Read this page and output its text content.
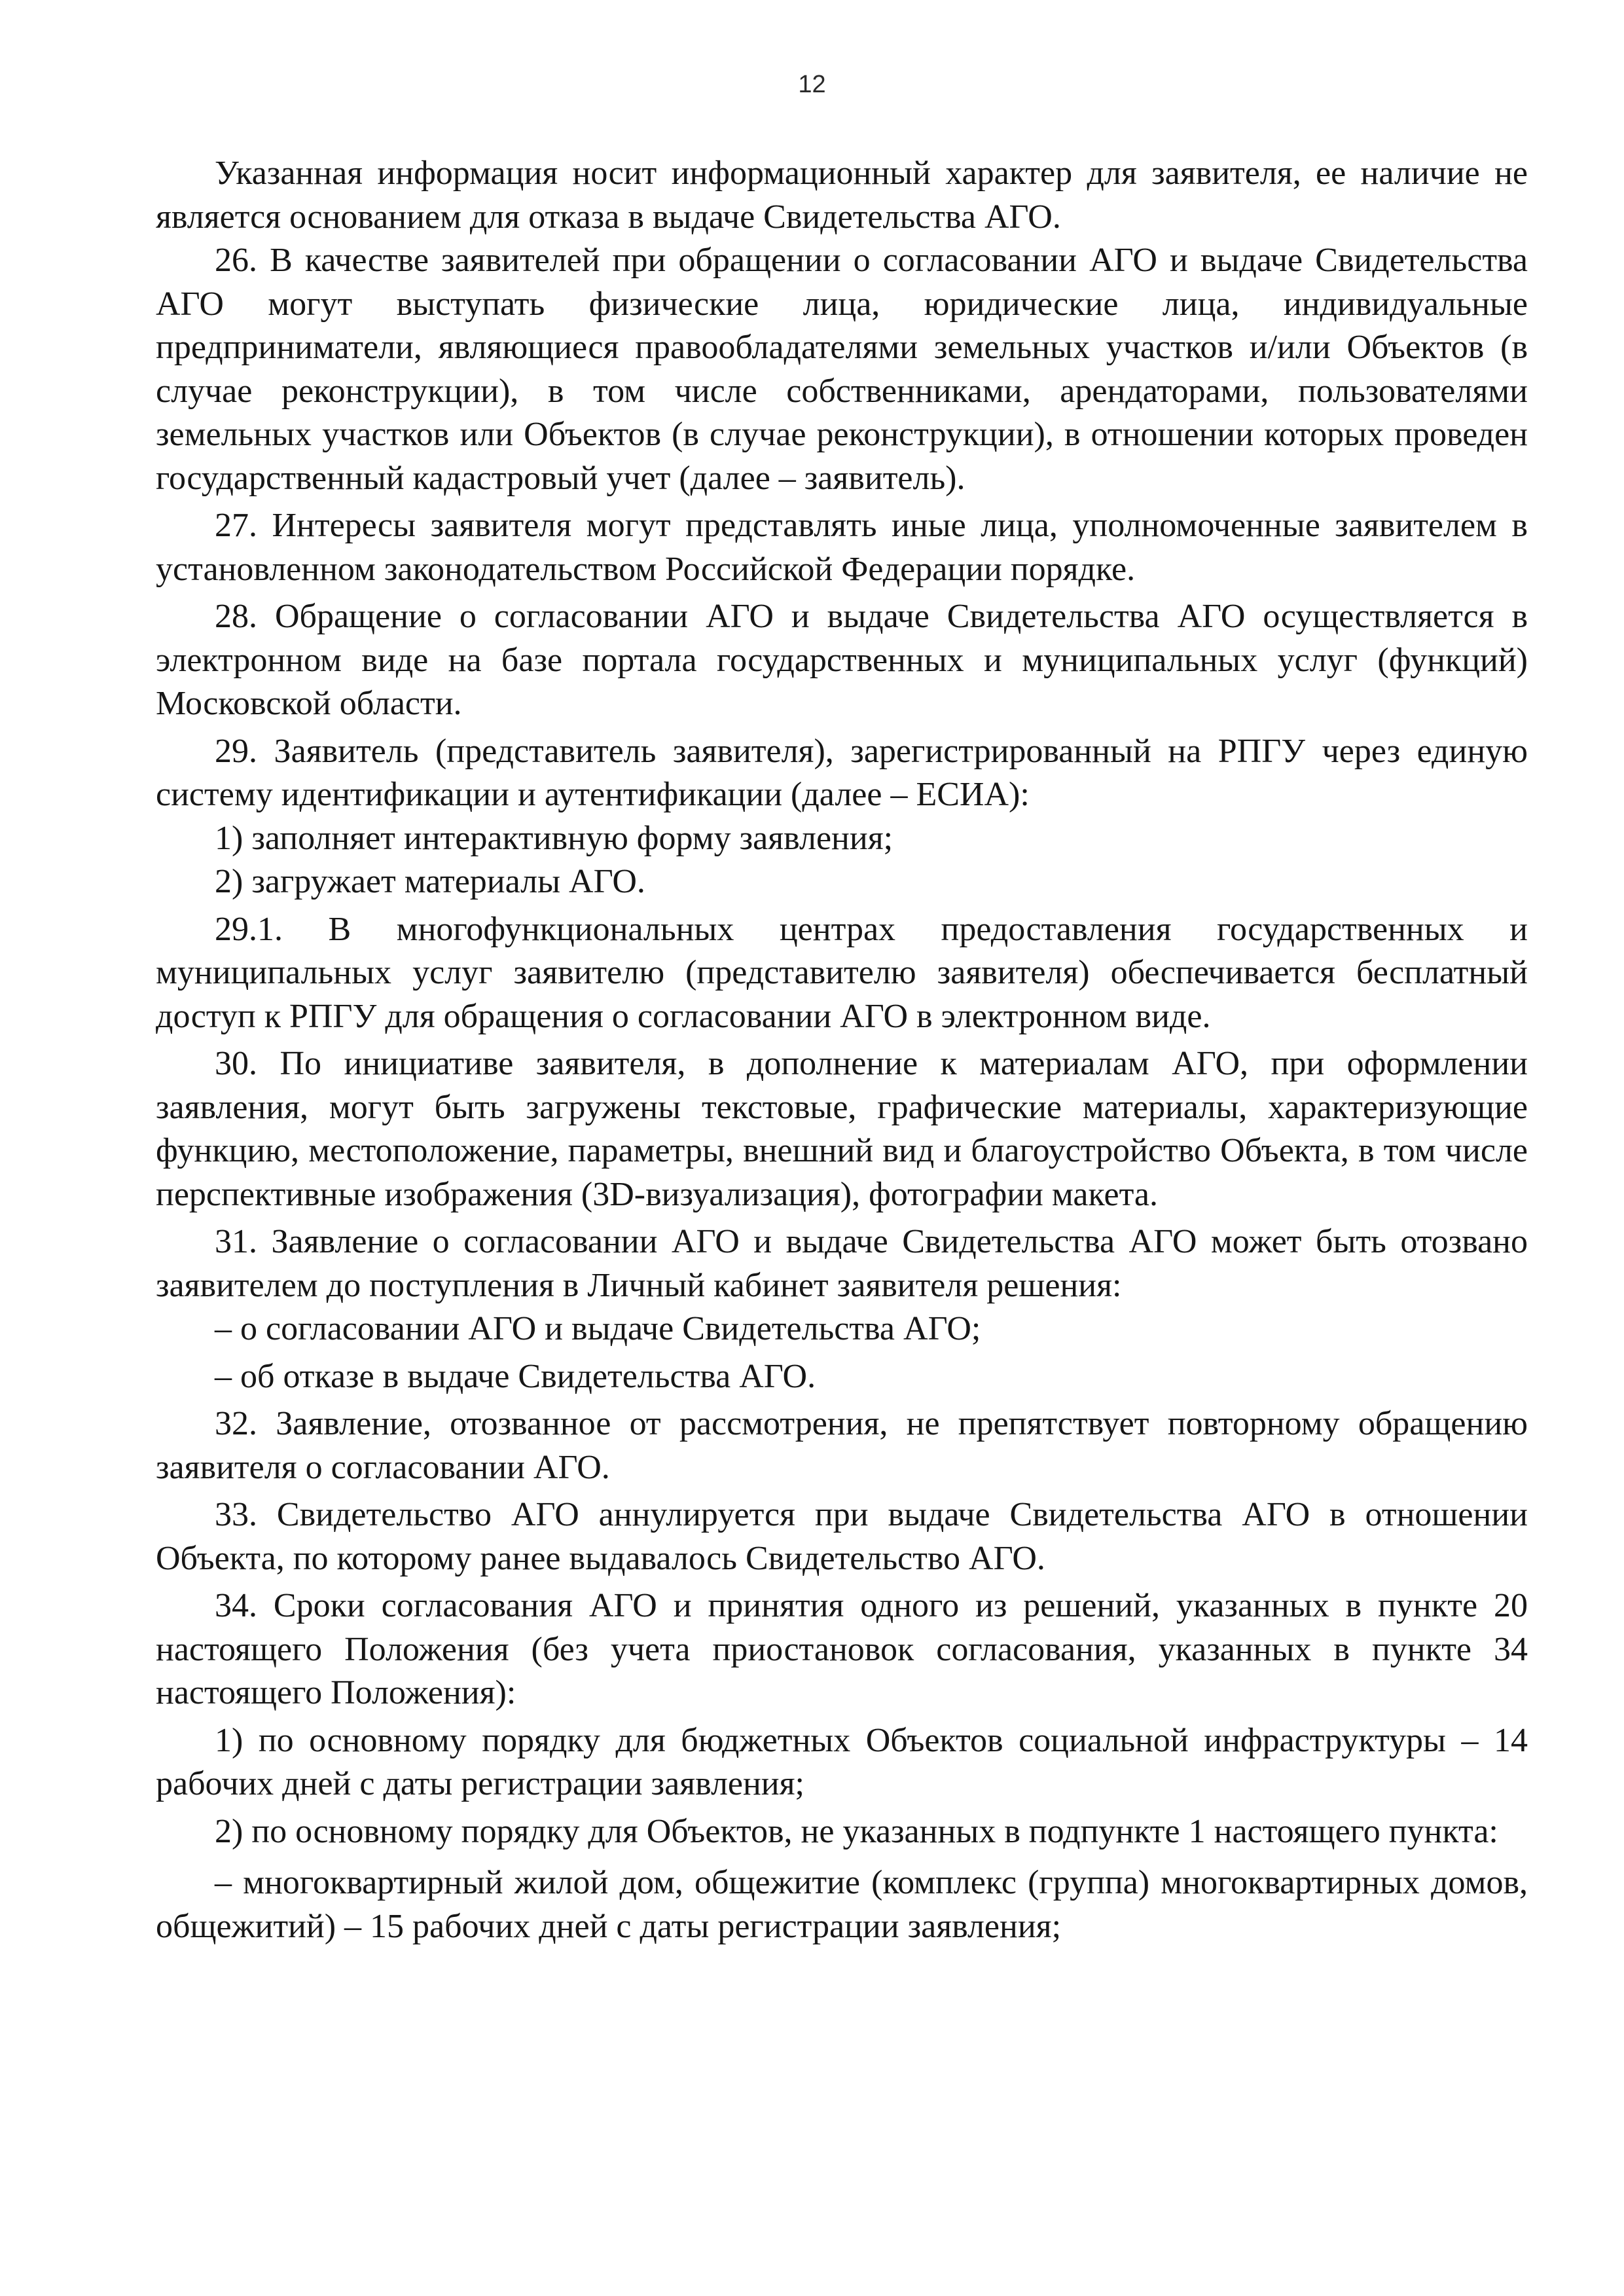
12

Указанная информация носит информационный характер для заявителя, ее наличие не является основанием для отказа в выдаче Свидетельства АГО.

26. В качестве заявителей при обращении о согласовании АГО и выдаче Свидетельства АГО могут выступать физические лица, юридические лица, индивидуальные предприниматели, являющиеся правообладателями земельных участков и/или Объектов (в случае реконструкции), в том числе собственниками, арендаторами, пользователями земельных участков или Объектов (в случае реконструкции), в отношении которых проведен государственный кадастровый учет (далее – заявитель).

27. Интересы заявителя могут представлять иные лица, уполномоченные заявителем в установленном законодательством Российской Федерации порядке.

28. Обращение о согласовании АГО и выдаче Свидетельства АГО осуществляется в электронном виде на базе портала государственных и муниципальных услуг (функций) Московской области.

29. Заявитель (представитель заявителя), зарегистрированный на РПГУ через единую систему идентификации и аутентификации (далее – ЕСИА):

1) заполняет интерактивную форму заявления;

2) загружает материалы АГО.

29.1. В многофункциональных центрах предоставления государственных и муниципальных услуг заявителю (представителю заявителя) обеспечивается бесплатный доступ к РПГУ для обращения о согласовании АГО в электронном виде.

30. По инициативе заявителя, в дополнение к материалам АГО, при оформлении заявления, могут быть загружены текстовые, графические материалы, характеризующие функцию, местоположение, параметры, внешний вид и благоустройство Объекта, в том числе перспективные изображения (3D-визуализация), фотографии макета.

31. Заявление о согласовании АГО и выдаче Свидетельства АГО может быть отозвано заявителем до поступления в Личный кабинет заявителя решения:

– о согласовании АГО и выдаче Свидетельства АГО;

– об отказе в выдаче Свидетельства АГО.

32. Заявление, отозванное от рассмотрения, не препятствует повторному обращению заявителя о согласовании АГО.

33. Свидетельство АГО аннулируется при выдаче Свидетельства АГО в отношении Объекта, по которому ранее выдавалось Свидетельство АГО.

34. Сроки согласования АГО и принятия одного из решений, указанных в пункте 20 настоящего Положения (без учета приостановок согласования, указанных в пункте 34 настоящего Положения):

1) по основному порядку для бюджетных Объектов социальной инфраструктуры – 14 рабочих дней с даты регистрации заявления;

2) по основному порядку для Объектов, не указанных в подпункте 1 настоящего пункта:

– многоквартирный жилой дом, общежитие (комплекс (группа) многоквартирных домов, общежитий) – 15 рабочих дней с даты регистрации заявления;
